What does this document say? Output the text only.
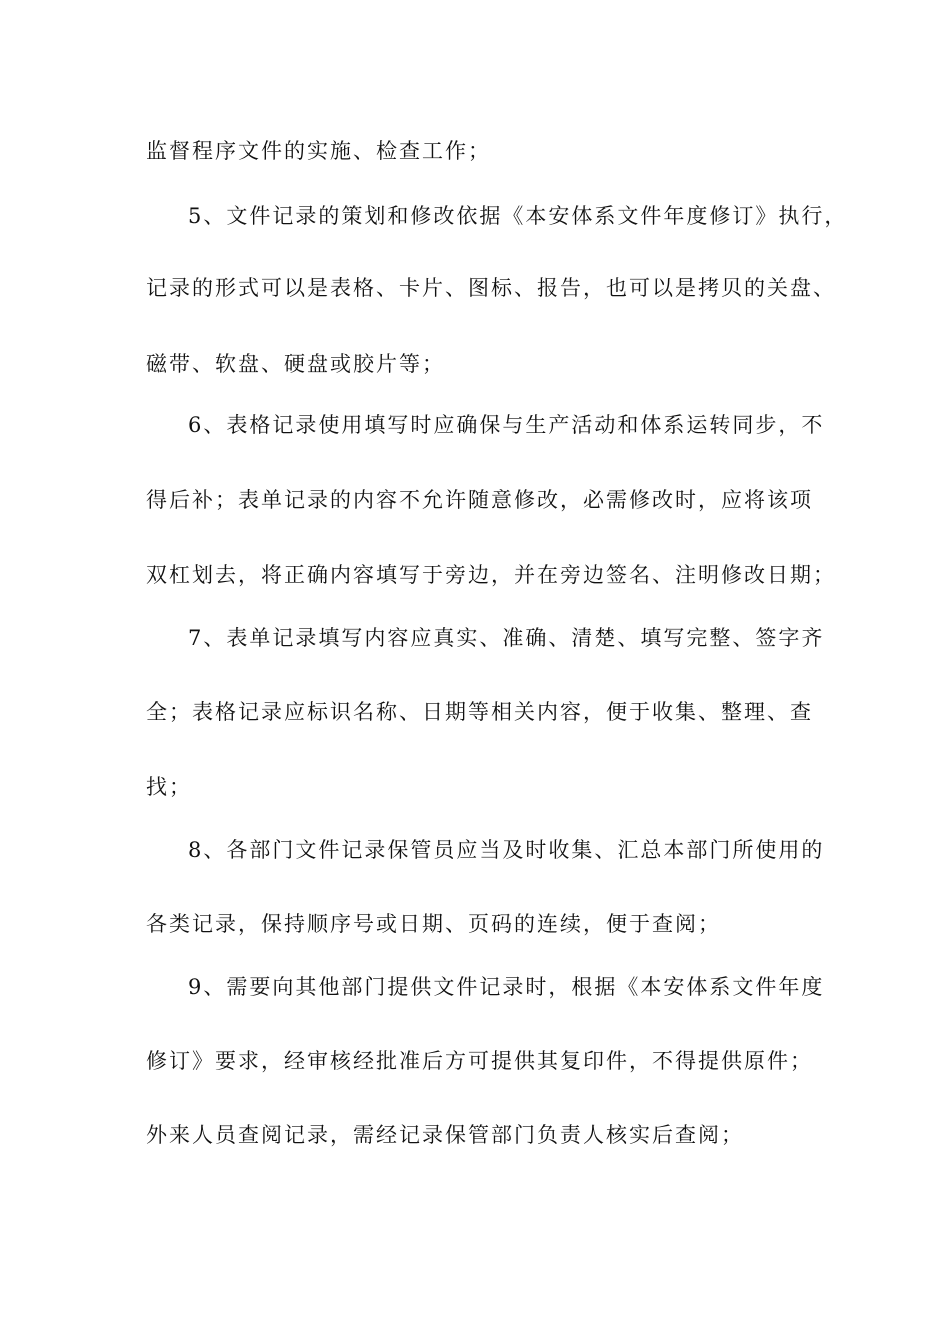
监督程序文件的实施、检查工作；
5、文件记录的策划和修改依据《本安体系文件年度修订》执行，
记录的形式可以是表格、卡片、图标、报告，也可以是拷贝的关盘、
磁带、软盘、硬盘或胶片等；
6、表格记录使用填写时应确保与生产活动和体系运转同步，不
得后补；表单记录的内容不允许随意修改，必需修改时，应将该项
双杠划去，将正确内容填写于旁边，并在旁边签名、注明修改日期；
7、表单记录填写内容应真实、准确、清楚、填写完整、签字齐
全；表格记录应标识名称、日期等相关内容，便于收集、整理、查
找；
8、各部门文件记录保管员应当及时收集、汇总本部门所使用的
各类记录，保持顺序号或日期、页码的连续，便于查阅；
9、需要向其他部门提供文件记录时，根据《本安体系文件年度
修订》要求，经审核经批准后方可提供其复印件，不得提供原件；
外来人员查阅记录，需经记录保管部门负责人核实后查阅；
